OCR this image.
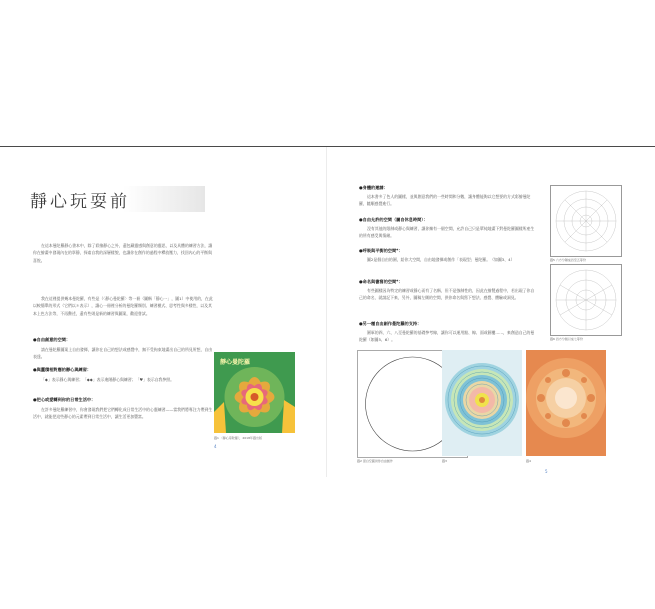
靜心玩耍前
在這本曼陀羅靜心書本中，除了彩繪靜心之外，還包藏靈感與創意的靈思，以及具體的練習方法，讓你在繪畫中發現內在的寧靜，探索自我的深層樣貌，也讓你在創作的過程中釋放壓力，找回內心的平衡與喜悅。
我在這裡提供幾本曼陀羅，有些是（〈靜心曼陀羅〉等一冊（圖稱「靜心一」，圖1）中使用的，在此以較簡單的形式（它們以＊表示），讓心一冊裡分析的曼陀羅類別、練習模式、思考性與多樣性，以及其本上色方法等，不再贅述，還有些則是新的練習與圖案，歡迎嘗試。
●自由創意的空間：
請在曼陀羅圖案上自由發揮，讓你在自己的想法或感覺中，無不受拘束地畫出自己的所見所想，自由表達。
●與靈積相對應的靜心與練習：
「◆」表示靜心與練習；「◆◆」表示進階靜心與練習；「♥」表示自我參照。
●把心或愛轉到你的日常生活中：
在許多曼陀羅練習中，你會發現我們把它們轉化成日常生活中的心靈練習——當我們將專注力帶到生活中，就能把這些靜心的元素帶到日常生活中，讓生活更加豐富。
靜心曼陀羅
圖1 《靜心曼陀羅》，2018年圖出版
4
●身體的邀請：
這本書多了色人的圖樣，並與創意我們的一些時間和分數，讓身體能夠以它想要的方式彩繪曼陀羅，隨順感覺進行。
●自由允許的空間（屬自休息時間）：
沒有其他的限制或靜心與練習，讓你擁有一個空間，允許自己只是單純地畫下對曼陀羅圖樣所產生的所有感受與情緒。
●呼吸與平衡的空間*：
圖2是個自由的圓，給你大空間，自由地發揮或創作「表現型」曼陀羅。（如圖3、4）
●命名與書寫的空間*：
有些圖樣因為特定的練習或靜心而有了名稱，但不是強制性的，因此在繪製過程中，若出現了你自己的命名，就請記下來，另外，圖稿左側的空間，供你命名與寫下想法、感覺、體驗或洞見。
●另一種自由創作曼陀羅的支持：
圓軍的四、六、八至曼陀羅的基礎參考線，讓你可以運用點、線、面或圓樓……，來創造自己的曼陀羅（如圖5、6）。
圖5 六方分隔成四至五等份
圖6 四方分割以成七等份
圖2 留白空圓供你自由創作	圖3	圖4
5
